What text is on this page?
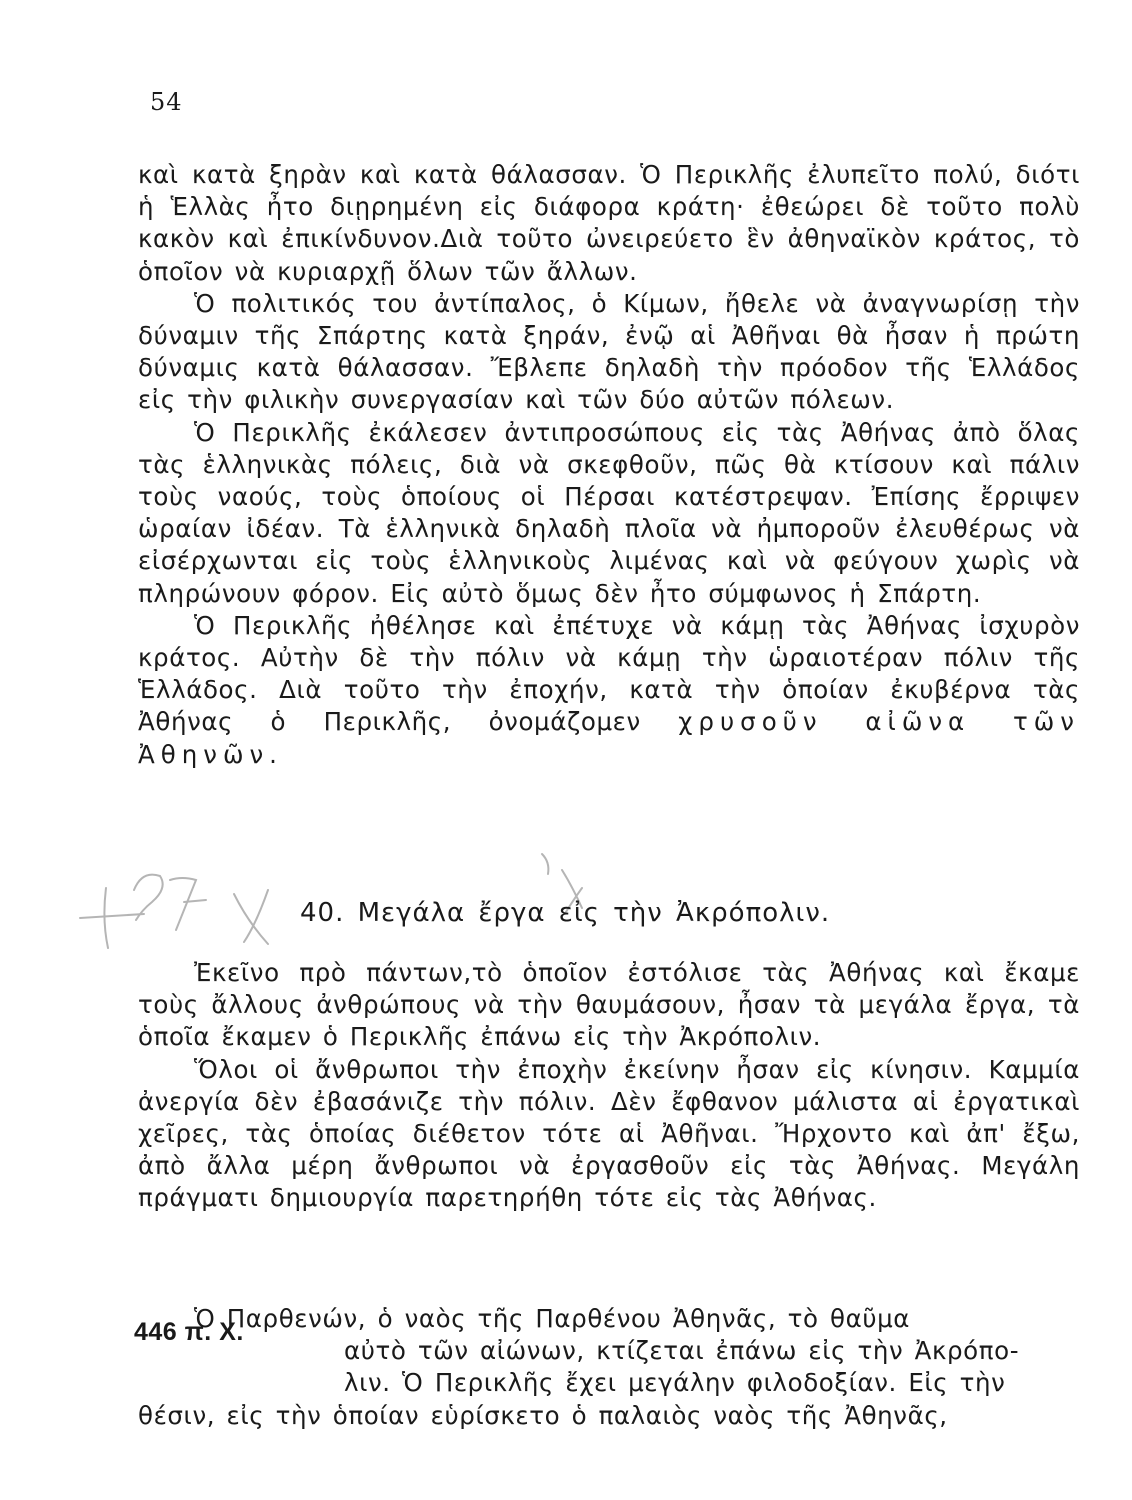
54

καὶ κατὰ ξηρὰν καὶ κατὰ θάλασσαν. Ὁ Περικλῆς ἐλυπεῖτο πολύ, διότι ἡ Ἑλλὰς ἦτο διῃρημένη εἰς διάφορα κράτη· ἐθεώρει δὲ τοῦτο πολὺ κακὸν καὶ ἐπικίνδυνον.Διὰ τοῦτο ὠνειρεύετο ἓν ἀθηναϊκὸν κράτος, τὸ ὁποῖον νὰ κυριαρχῇ ὅλων τῶν ἄλλων.

Ὁ πολιτικός του ἀντίπαλος, ὁ Κίμων, ἤθελε νὰ ἀναγνωρίσῃ τὴν δύναμιν τῆς Σπάρτης κατὰ ξηράν, ἐνῷ αἱ Ἀθῆναι θὰ ἦσαν ἡ πρώτη δύναμις κατὰ θάλασσαν. Ἔβλεπε δηλαδὴ τὴν πρόοδον τῆς Ἑλλάδος εἰς τὴν φιλικὴν συνεργασίαν καὶ τῶν δύο αὐτῶν πόλεων.

Ὁ Περικλῆς ἐκάλεσεν ἀντιπροσώπους εἰς τὰς Ἀθήνας ἀπὸ ὅλας τὰς ἑλληνικὰς πόλεις, διὰ νὰ σκεφθοῦν, πῶς θὰ κτίσουν καὶ πάλιν τοὺς ναούς, τοὺς ὁποίους οἱ Πέρσαι κατέστρεψαν. Ἐπίσης ἔρριψεν ὡραίαν ἰδέαν. Τὰ ἑλληνικὰ δηλαδὴ πλοῖα νὰ ἠμποροῦν ἐλευθέρως νὰ εἰσέρχωνται εἰς τοὺς ἑλληνικοὺς λιμένας καὶ νὰ φεύγουν χωρὶς νὰ πληρώνουν φόρον. Εἰς αὐτὸ ὅμως δὲν ἦτο σύμφωνος ἡ Σπάρτη.

Ὁ Περικλῆς ἠθέλησε καὶ ἐπέτυχε νὰ κάμῃ τὰς Ἀθήνας ἰσχυρὸν κράτος. Αὐτὴν δὲ τὴν πόλιν νὰ κάμῃ τὴν ὡραιοτέραν πόλιν τῆς Ἑλλάδος. Διὰ τοῦτο τὴν ἐποχήν, κατὰ τὴν ὁποίαν ἐκυβέρνα τὰς Ἀθήνας ὁ Περικλῆς, ὀνομάζομεν χρυσοῦν αἰῶνα τῶν Ἀθηνῶν.

40. Μεγάλα ἔργα εἰς τὴν Ἀκρόπολιν.

Ἐκεῖνο πρὸ πάντων,τὸ ὁποῖον ἐστόλισε τὰς Ἀθήνας καὶ ἔκαμε τοὺς ἄλλους ἀνθρώπους νὰ τὴν θαυμάσουν, ἦσαν τὰ μεγάλα ἔργα, τὰ ὁποῖα ἔκαμεν ὁ Περικλῆς ἐπάνω εἰς τὴν Ἀκρόπολιν.

Ὅλοι οἱ ἄνθρωποι τὴν ἐποχὴν ἐκείνην ἦσαν εἰς κίνησιν. Καμμία ἀνεργία δὲν ἐβασάνιζε τὴν πόλιν. Δὲν ἔφθανον μάλιστα αἱ ἐργατικαὶ χεῖρες, τὰς ὁποίας διέθετον τότε αἱ Ἀθῆναι. Ἤρχοντο καὶ ἀπ' ἔξω, ἀπὸ ἄλλα μέρη ἄνθρωποι νὰ ἐργασθοῦν εἰς τὰς Ἀθήνας. Μεγάλη πράγματι δημιουργία παρετηρήθη τότε εἰς τὰς Ἀθήνας.

446 π. Χ.

Ὁ Παρθενών, ὁ ναὸς τῆς Παρθένου Ἀθηνᾶς, τὸ θαῦμα
αὐτὸ τῶν αἰώνων, κτίζεται ἐπάνω εἰς τὴν Ἀκρόπο-
λιν. Ὁ Περικλῆς ἔχει μεγάλην φιλοδοξίαν. Εἰς τὴν
θέσιν, εἰς τὴν ὁποίαν εὑρίσκετο ὁ παλαιὸς ναὸς τῆς Ἀθηνᾶς,
